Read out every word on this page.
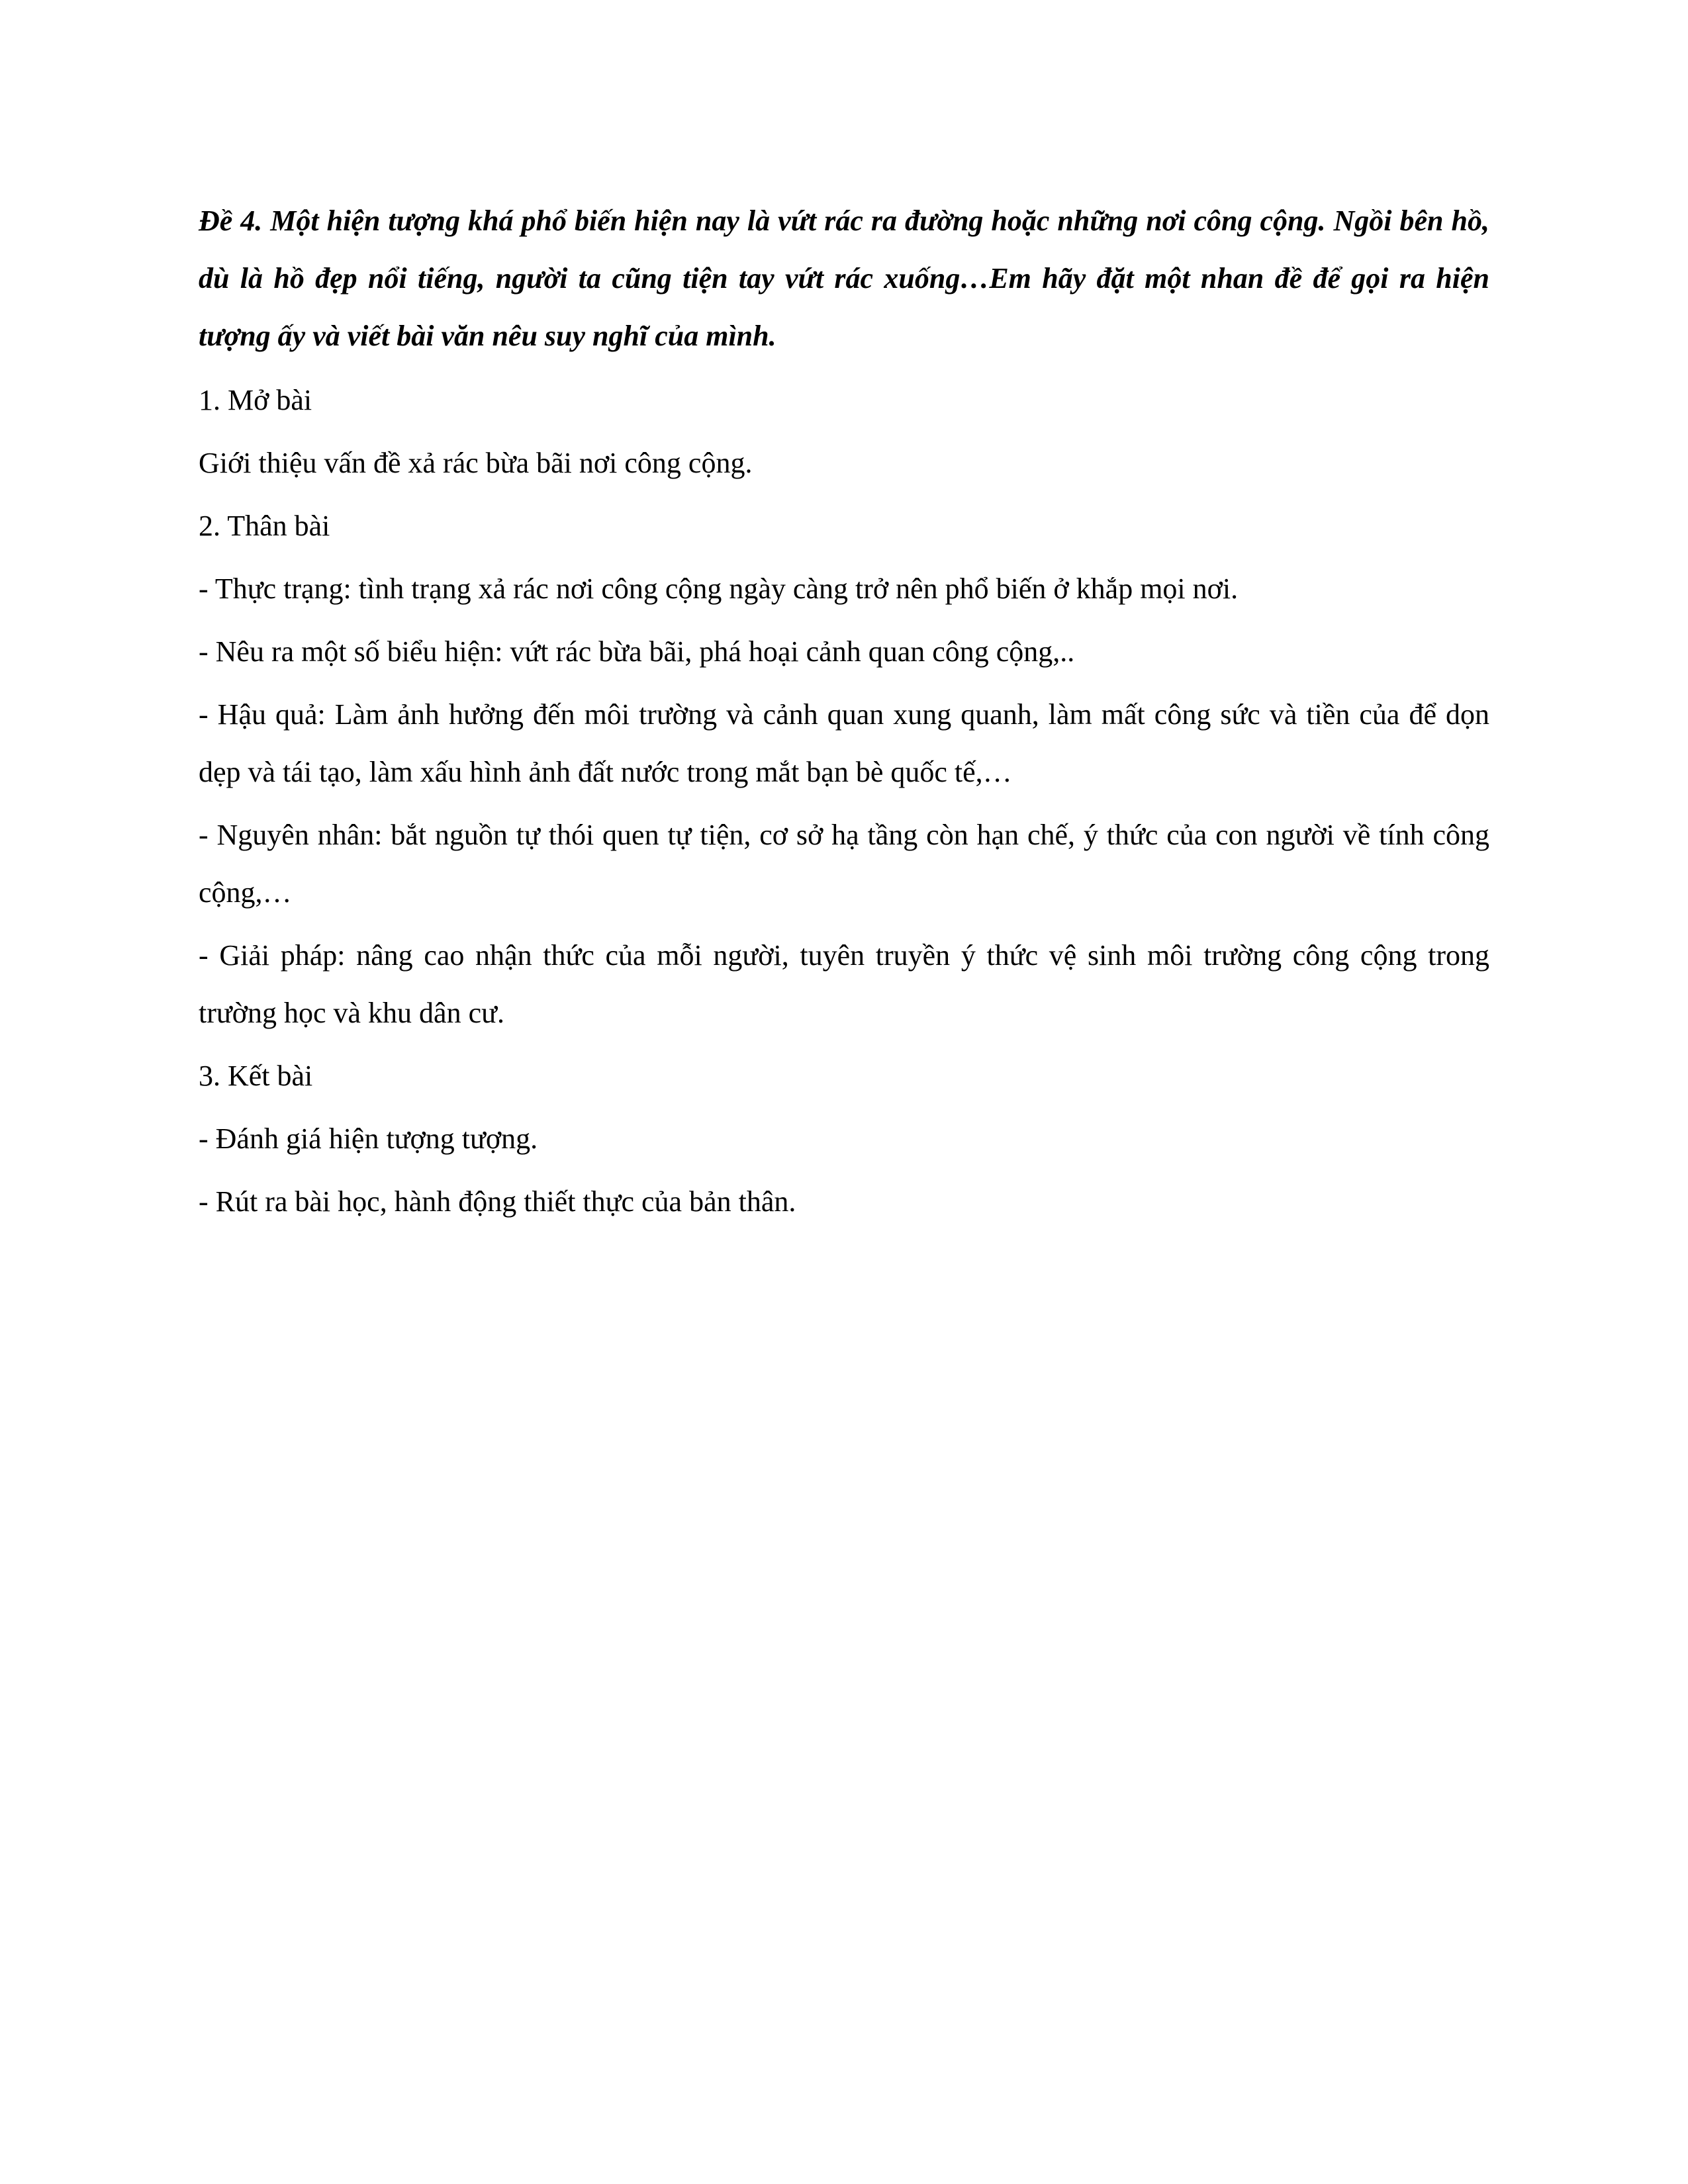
Đề 4. Một hiện tượng khá phổ biến hiện nay là vứt rác ra đường hoặc những nơi công cộng. Ngồi bên hồ, dù là hồ đẹp nổi tiếng, người ta cũng tiện tay vứt rác xuống…Em hãy đặt một nhan đề để gọi ra hiện tượng ấy và viết bài văn nêu suy nghĩ của mình.

1. Mở bài

Giới thiệu vấn đề xả rác bừa bãi nơi công cộng.

2. Thân bài

- Thực trạng: tình trạng xả rác nơi công cộng ngày càng trở nên phổ biến ở khắp mọi nơi.

- Nêu ra một số biểu hiện: vứt rác bừa bãi, phá hoại cảnh quan công cộng,..

- Hậu quả: Làm ảnh hưởng đến môi trường và cảnh quan xung quanh, làm mất công sức và tiền của để dọn dẹp và tái tạo, làm xấu hình ảnh đất nước trong mắt bạn bè quốc tế,…

- Nguyên nhân: bắt nguồn tự thói quen tự tiện, cơ sở hạ tầng còn hạn chế, ý thức của con người về tính công cộng,…

- Giải pháp: nâng cao nhận thức của mỗi người, tuyên truyền ý thức vệ sinh môi trường công cộng trong trường học và khu dân cư.

3. Kết bài

- Đánh giá hiện tượng tượng.

- Rút ra bài học, hành động thiết thực của bản thân.
